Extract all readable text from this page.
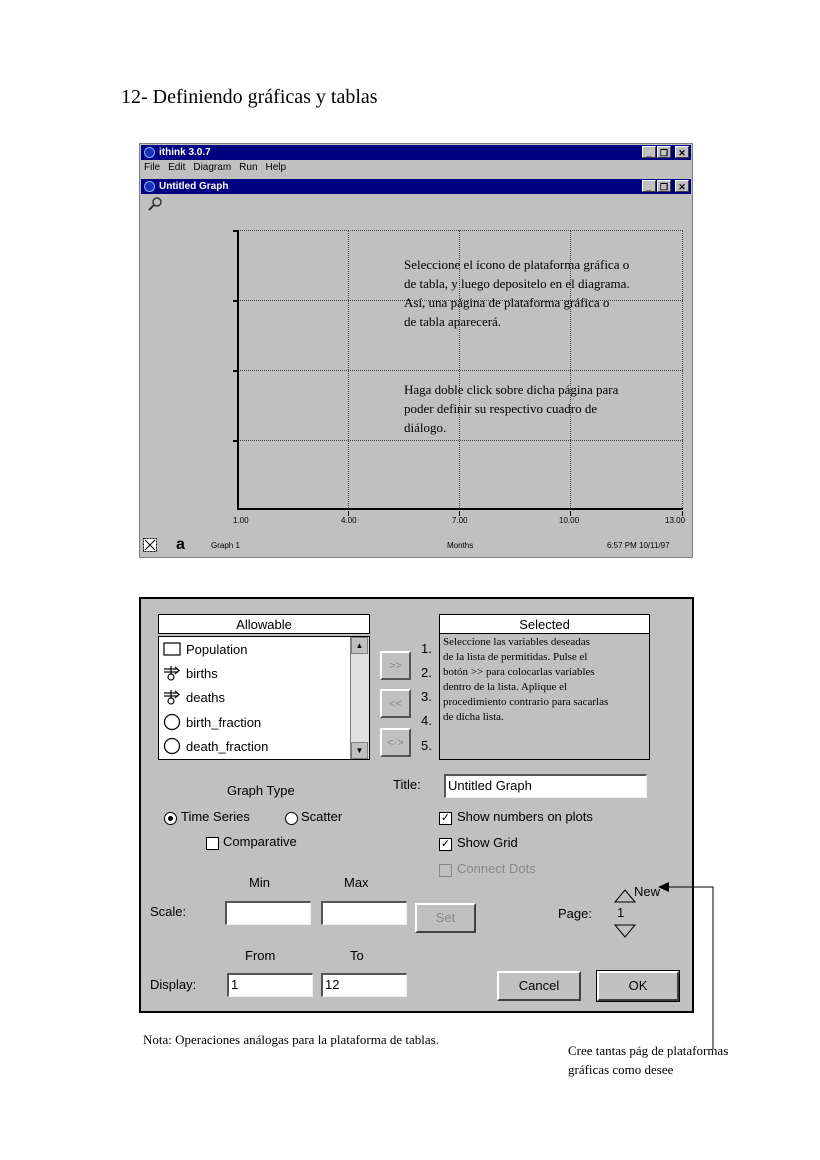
12- Definiendo gráficas y tablas
ithink 3.0.7	_ ❐	✕
File Edit Diagram Run Help
Untitled Graph	_ ❐	✕
1.00	4.00	7.00	10.00	13.00
Seleccione el ícono de plataforma gráfica o
de tabla, y luego depositelo en el diagrama.
Así, una página de plataforma gráfica o
de tabla aparecerá.
Haga doble click sobre dicha página para
poder definir su respectivo cuadro de
diálogo.
a	Graph 1	Months	6:57 PM 10/11/97
Allowable
Population
births
deaths
birth_fraction
death_fraction
▲
▼
>>
<<
<·>
1.
2.
3.
4.
5.
Selected
Seleccione las variables deseadas
de la lista de permitidas. Pulse el
botón >> para colocarlas variables
dentro de la lista. Aplique el
procedimiento contrario para sacarlas
de dicha lista.
Graph Type
Time Series	Scatter
Comparative
Title:	Untitled Graph
✓ Show numbers on plots
✓ Show Grid
Connect Dots
Min	Max
Scale:	Set	Page:
New
1
From	To
Display:	1	12	Cancel	OK
Nota: Operaciones análogas para la plataforma de tablas.
Cree tantas pág de plataformas
gráficas como desee
